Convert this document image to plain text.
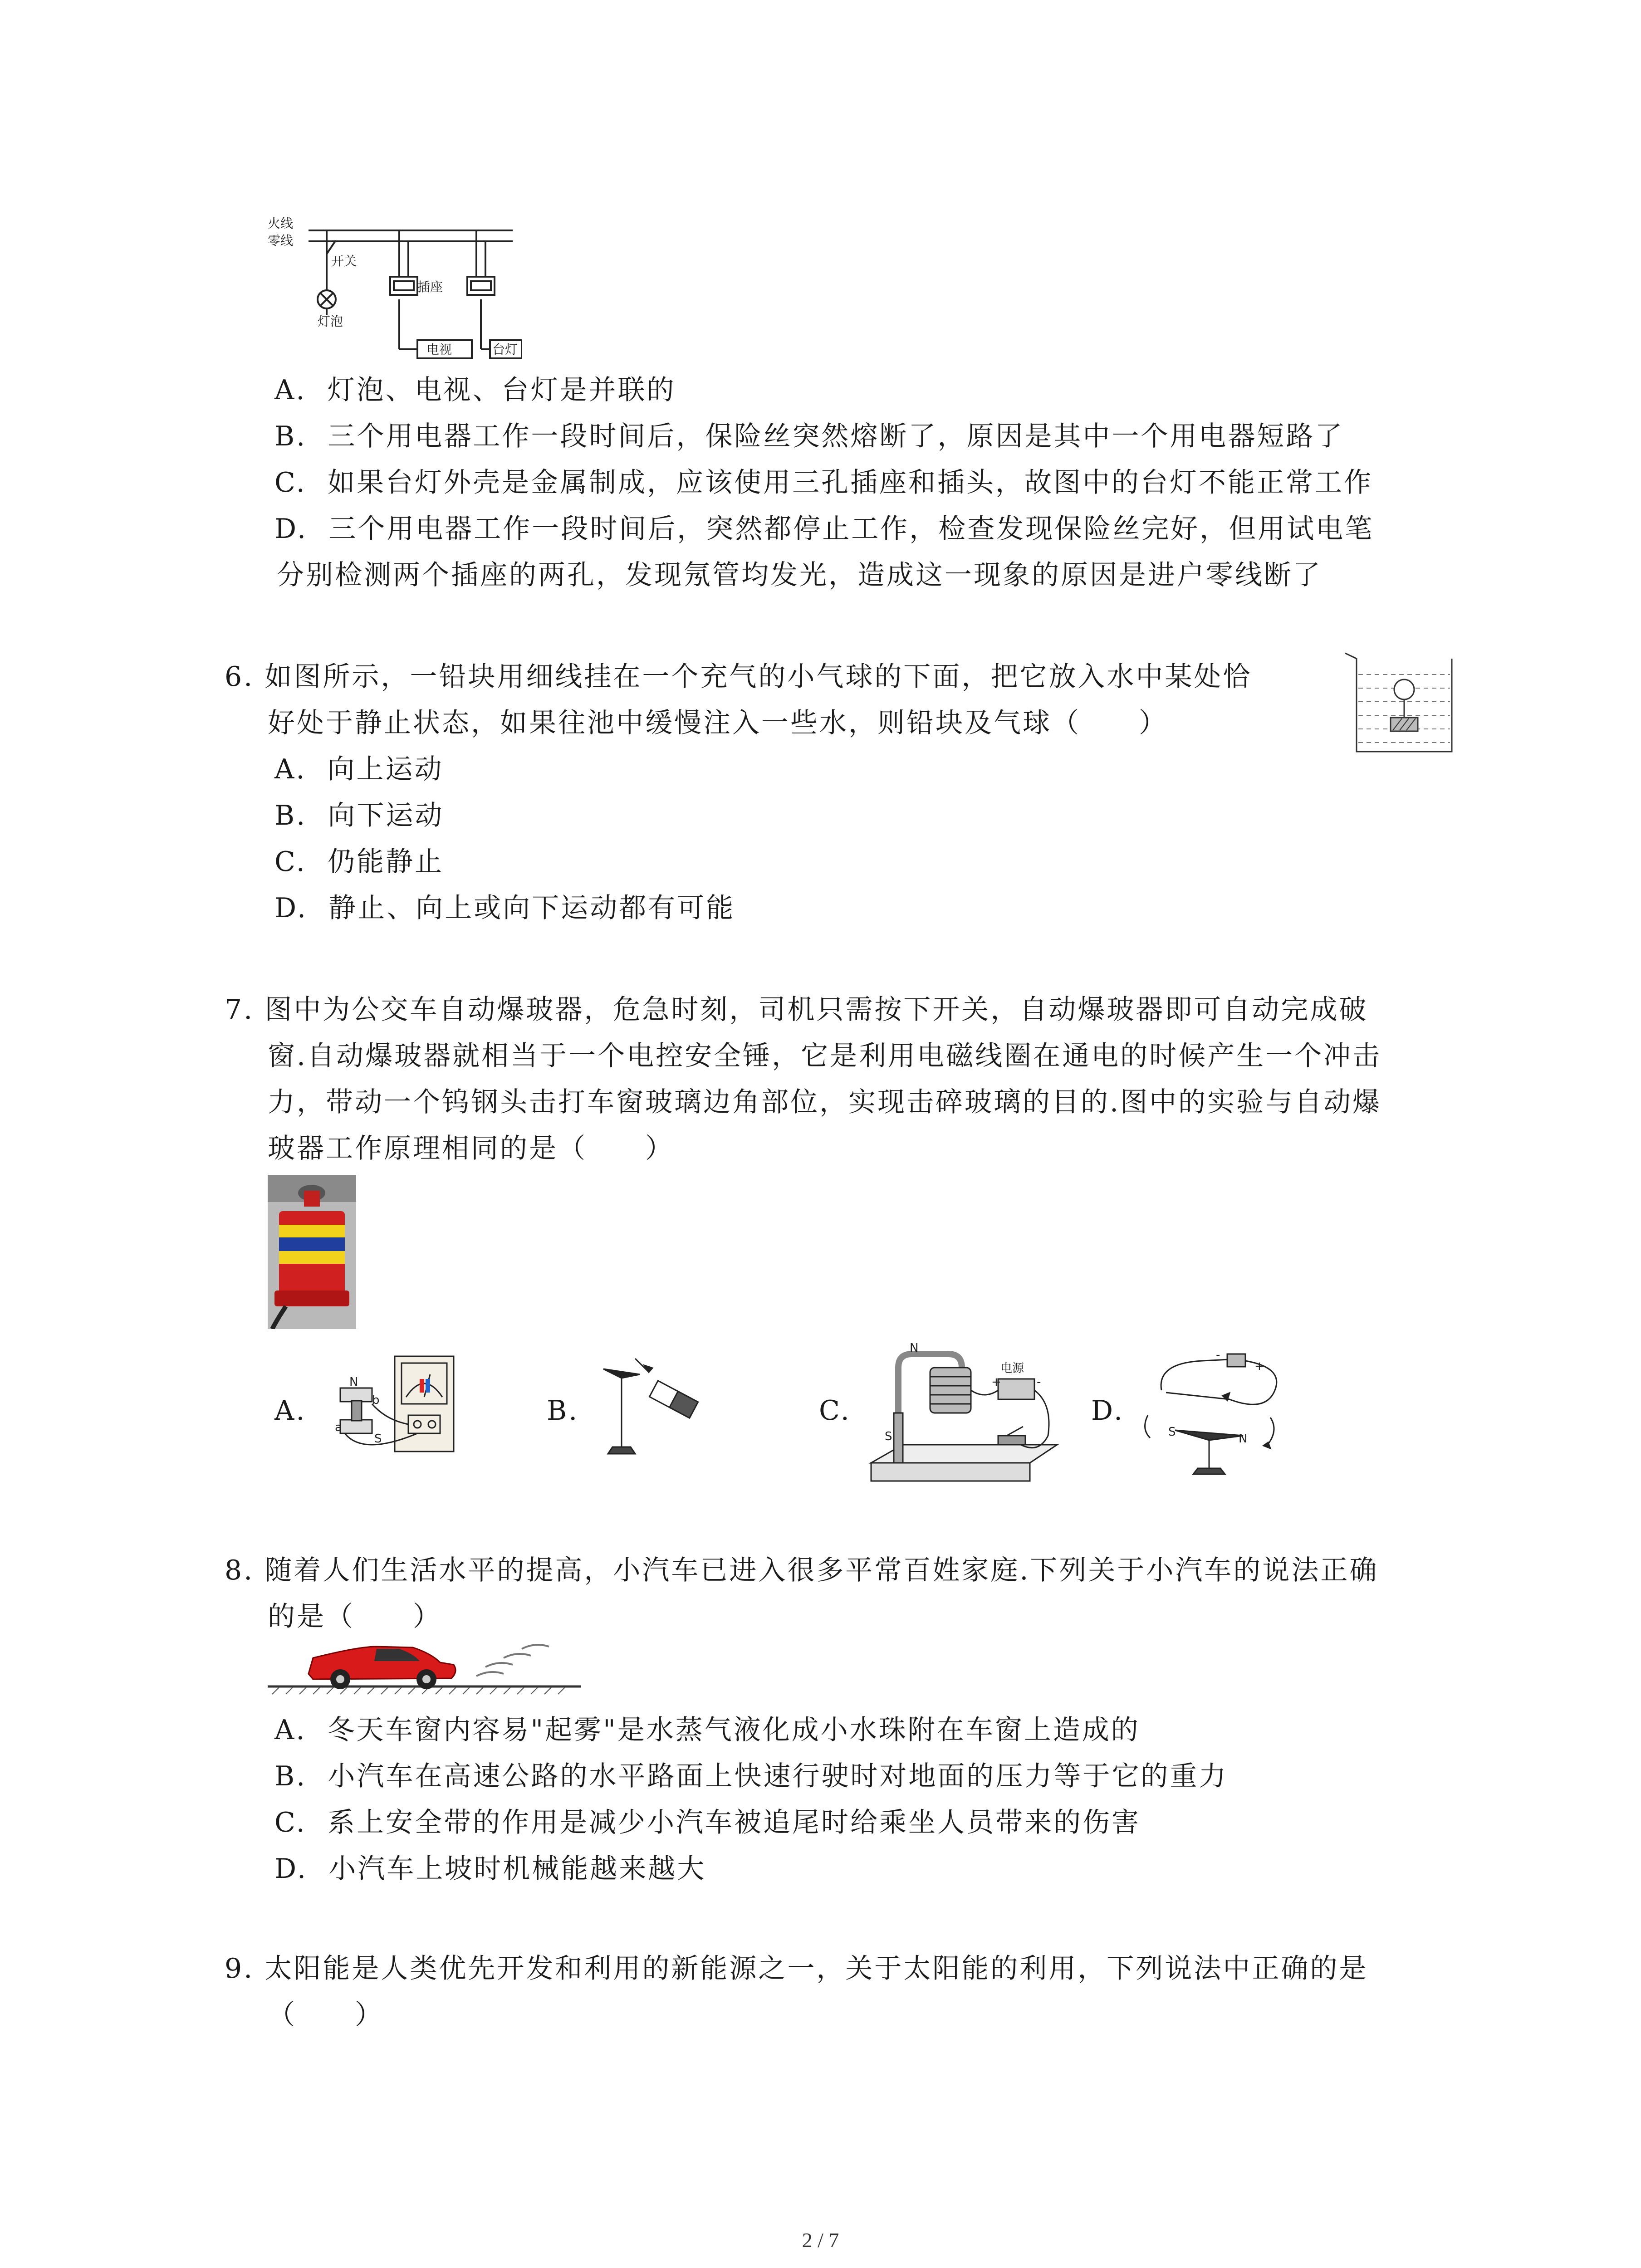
火线
零线
开关
灯泡
插座
电视	台灯
A. 灯泡、电视、台灯是并联的
B. 三个用电器工作一段时间后，保险丝突然熔断了，原因是其中一个用电器短路了
C. 如果台灯外壳是金属制成，应该使用三孔插座和插头，故图中的台灯不能正常工作
D. 三个用电器工作一段时间后，突然都停止工作，检查发现保险丝完好，但用试电笔
分别检测两个插座的两孔，发现氖管均发光，造成这一现象的原因是进户零线断了
6. 如图所示，一铅块用细线挂在一个充气的小气球的下面，把它放入水中某处恰
好处于静止状态，如果往池中缓慢注入一些水，则铅块及气球（　　）
A. 向上运动
B. 向下运动
C. 仍能静止
D. 静止、向上或向下运动都有可能
7. 图中为公交车自动爆玻器，危急时刻，司机只需按下开关，自动爆玻器即可自动完成破
窗.自动爆玻器就相当于一个电控安全锤，它是利用电磁线圈在通电的时候产生一个冲击
力，带动一个钨钢头击打车窗玻璃边角部位，实现击碎玻璃的目的.图中的实验与自动爆
玻器工作原理相同的是（　　）
A.
N
b
a
S
B.	C.
N
S
电源
+	-
D.
-
+
S	N
8. 随着人们生活水平的提高，小汽车已进入很多平常百姓家庭.下列关于小汽车的说法正确
的是（　　）
A. 冬天车窗内容易"起雾"是水蒸气液化成小水珠附在车窗上造成的
B. 小汽车在高速公路的水平路面上快速行驶时对地面的压力等于它的重力
C. 系上安全带的作用是减少小汽车被追尾时给乘坐人员带来的伤害
D. 小汽车上坡时机械能越来越大
9. 太阳能是人类优先开发和利用的新能源之一，关于太阳能的利用，下列说法中正确的是
（　　）
2 / 7
